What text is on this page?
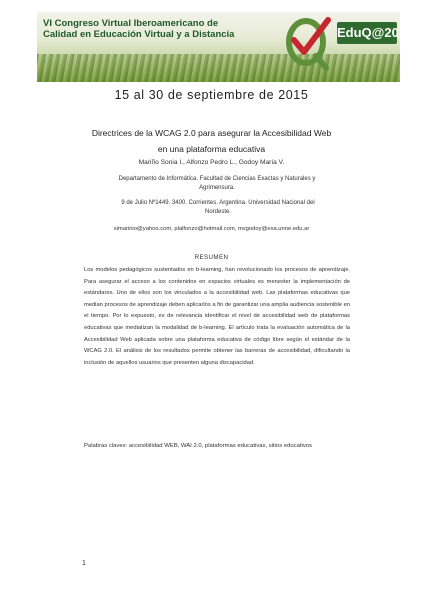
VI Congreso Virtual Iberoamericano de
Calidad en Educación Virtual y a Distancia	EduQ@2015
15 al 30 de septiembre de 2015
Directrices de la WCAG 2.0 para asegurar la Accesibilidad Web
en una plataforma educativa
Mariño Sonia I., Alfonzo Pedro L., Godoy María V.
Departamento de Informática. Facultad de Ciencias Exactas y Naturales y
Agrimensura.
9 de Julio Nº1449. 3400. Corrientes. Argentina. Universidad Nacional del
Nordeste.
simarinio@yahoo.com, plalfonzo@hotmail.com, mvgodoy@exa.unne.edu.ar
RESUMEN
Los modelos pedagógicos sustentados en b-learning, han revolucionado los procesos de aprendizaje. Para asegurar el acceso a los contenidos en espacios virtuales es menester la implementación de estándares. Uno de ellos son los vinculados a la accesibilidad web. Las plataformas educativas que median procesos de aprendizaje deben aplicarlos a fin de garantizar una amplia audiencia sostenible en el tiempo. Por lo expuesto, es de relevancia identificar el nivel de accesibilidad web de plataformas educativas que mediatizan la modalidad de b-learning. El artículo trata la evaluación automática de la Accesibilidad Web aplicada sobre una plataforma educativa de código libre según el estándar de la WCAG 2.0. El análisis de los resultados permite obtener las barreras de accesibilidad, dificultando la inclusión de aquellos usuarios que presenten alguna discapacidad.
Palabras claves: accesibilidad WEB, WAI 2.0, plataformas educativas, sitios educativos
1
